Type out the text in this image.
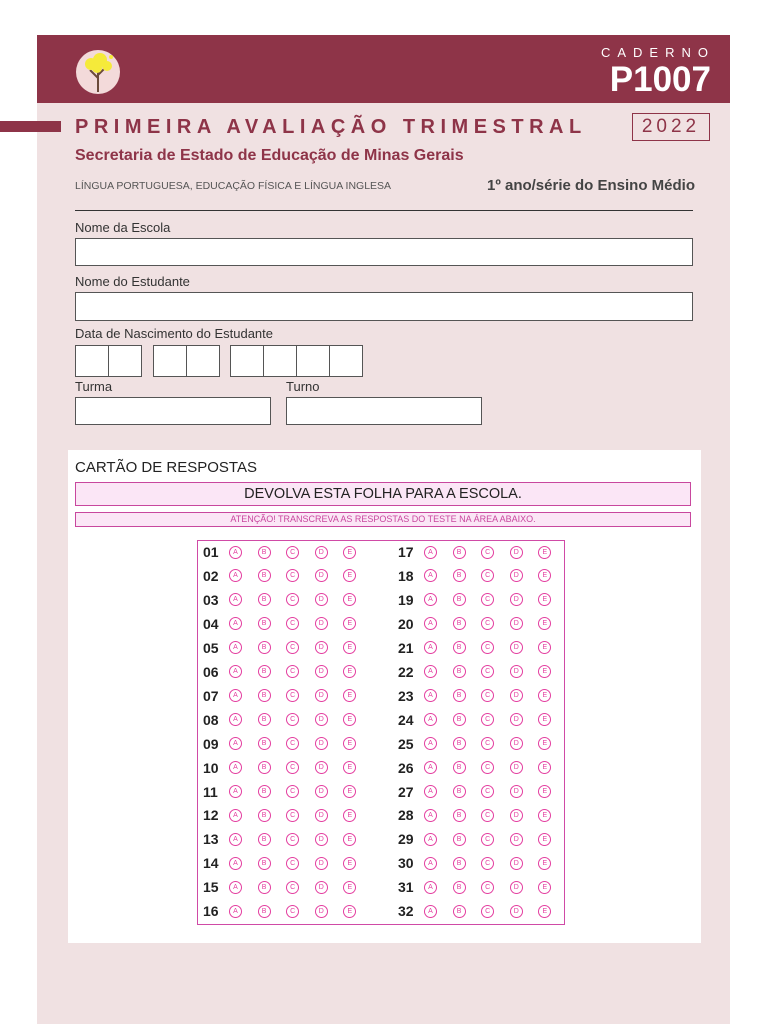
CADERNO
P1007
PRIMEIRA AVALIAÇÃO TRIMESTRAL	2022
Secretaria de Estado de Educação de Minas Gerais
LÍNGUA PORTUGUESA, EDUCAÇÃO FÍSICA E LÍNGUA INGLESA	1º ano/série do Ensino Médio
Nome da Escola
Nome do Estudante
Data de Nascimento do Estudante
Turma	Turno
CARTÃO DE RESPOSTAS
DEVOLVA ESTA FOLHA PARA A ESCOLA.
ATENÇÃO! TRANSCREVA AS RESPOSTAS DO TESTE NA ÁREA ABAIXO.
01	A	B	C	D	E
02	A	B	C	D	E
03	A	B	C	D	E
04	A	B	C	D	E
05	A	B	C	D	E
06	A	B	C	D	E
07	A	B	C	D	E
08	A	B	C	D	E
09	A	B	C	D	E
10	A	B	C	D	E
11	A	B	C	D	E
12	A	B	C	D	E
13	A	B	C	D	E
14	A	B	C	D	E
15	A	B	C	D	E
16	A	B	C	D	E
17	A	B	C	D	E
18	A	B	C	D	E
19	A	B	C	D	E
20	A	B	C	D	E
21	A	B	C	D	E
22	A	B	C	D	E
23	A	B	C	D	E
24	A	B	C	D	E
25	A	B	C	D	E
26	A	B	C	D	E
27	A	B	C	D	E
28	A	B	C	D	E
29	A	B	C	D	E
30	A	B	C	D	E
31	A	B	C	D	E
32	A	B	C	D	E
